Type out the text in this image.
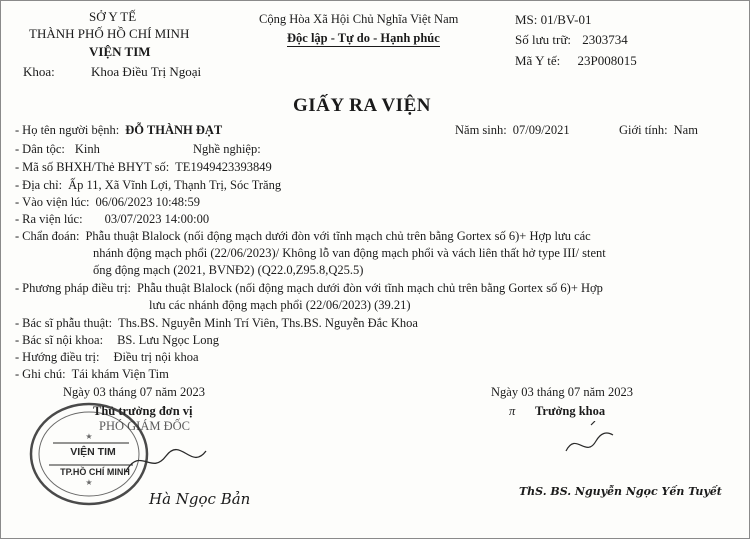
SỞ Y TẾ
THÀNH PHỐ HỒ CHÍ MINH
VIỆN TIM
Khoa:	Khoa Điều Trị Ngoại
Cộng Hòa Xã Hội Chủ Nghĩa Việt Nam
Độc lập - Tự do - Hạnh phúc
MS: 01/BV-01
Số lưu trữ: 2303734
Mã Y tế: 23P008015
GIẤY RA VIỆN
- Họ tên người bệnh: ĐỖ THÀNH ĐẠT	Năm sinh: 07/09/2021	Giới tính: Nam
- Dân tộc: Kinh	Nghề nghiệp:
- Mã số BHXH/Thẻ BHYT số: TE1949423393849
- Địa chỉ: Ấp 11, Xã Vĩnh Lợi, Thạnh Trị, Sóc Trăng
- Vào viện lúc: 06/06/2023 10:48:59
- Ra viện lúc: 03/07/2023 14:00:00
- Chẩn đoán: Phẫu thuật Blalock (nối động mạch dưới đòn với tĩnh mạch chủ trên bằng Gortex số 6)+ Hợp lưu các
nhánh động mạch phổi (22/06/2023)/ Không lỗ van động mạch phổi và vách liên thất hở type III/ stent
ống động mạch (2021, BVNĐ2) (Q22.0,Z95.8,Q25.5)
- Phương pháp điều trị: Phẫu thuật Blalock (nối động mạch dưới đòn với tĩnh mạch chủ trên bằng Gortex số 6)+ Hợp
lưu các nhánh động mạch phổi (22/06/2023) (39.21)
- Bác sĩ phẫu thuật: Ths.BS. Nguyễn Minh Trí Viên, Ths.BS. Nguyễn Đắc Khoa
- Bác sĩ nội khoa: BS. Lưu Ngọc Long
- Hướng điều trị: Điều trị nội khoa
- Ghi chú: Tái khám Viện Tim
Ngày 03 tháng 07 năm 2023
Thủ trưởng đơn vị
PHÓ GIÁM ĐỐC
★
★
VIỆN TIM
TP.HỒ CHÍ MINH
Hà Ngọc Bản
Ngày 03 tháng 07 năm 2023
π Trưởng khoa
ThS. BS. Nguyễn Ngọc Yến Tuyết
